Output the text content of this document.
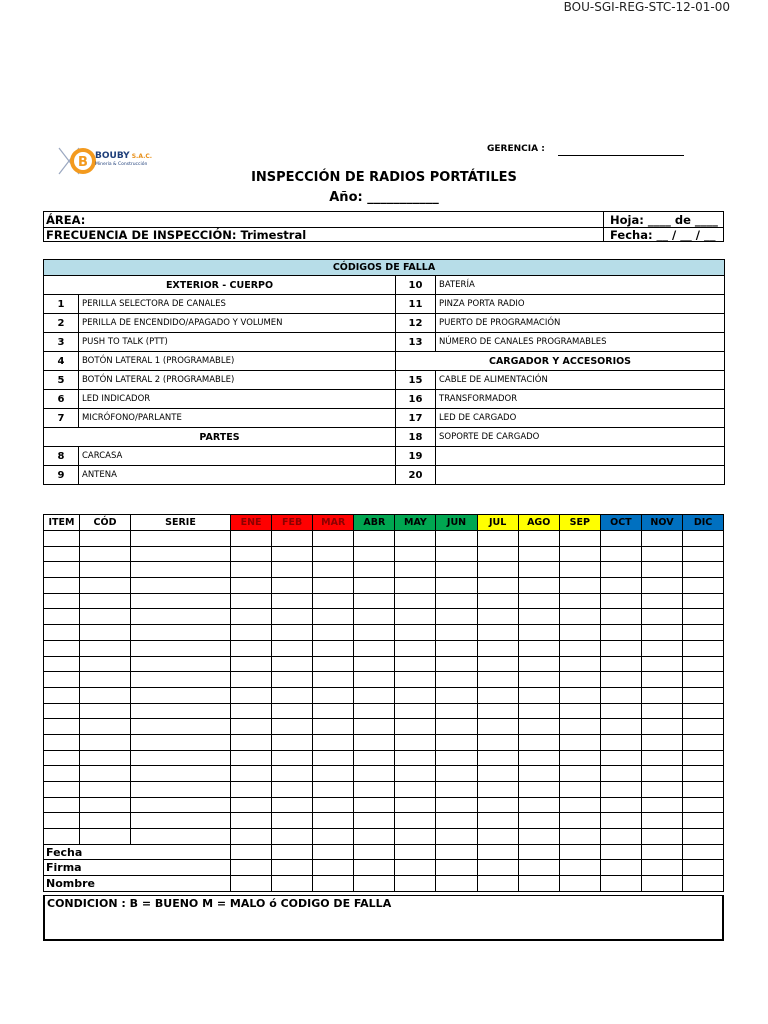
BOU-SGI-REG-STC-12-01-00
B BOUBY S.A.C.
Minería & Construcción
GERENCIA :
INSPECCIÓN DE RADIOS PORTÁTILES
Año: ___________
ÁREA:	Hoja: ____ de ____
FRECUENCIA DE INSPECCIÓN: Trimestral	Fecha: __ / __ / __
CÓDIGOS DE FALLA			
EXTERIOR - CUERPO		10	BATERÍA
1	PERILLA SELECTORA DE CANALES	11	PINZA PORTA RADIO
2	PERILLA DE ENCENDIDO/APAGADO Y VOLUMEN	12	PUERTO DE PROGRAMACIÓN
3	PUSH TO TALK (PTT)	13	NÚMERO DE CANALES PROGRAMABLES
4	BOTÓN LATERAL 1 (PROGRAMABLE)	CARGADOR Y ACCESORIOS	
5	BOTÓN LATERAL 2 (PROGRAMABLE)	15	CABLE DE ALIMENTACIÓN
6	LED INDICADOR	16	TRANSFORMADOR
7	MICRÓFONO/PARLANTE	17	LED DE CARGADO
PARTES		18	SOPORTE DE CARGADO
8	CARCASA	19	
9	ANTENA	20	
ITEM	CÓD	SERIE	ENE	FEB	MAR	ABR	MAY	JUN	JUL	AGO	SEP	OCT	NOV	DIC

Fecha														
Firma														
Nombre														
CONDICION : B = BUENO M = MALO ó CODIGO DE FALLA
